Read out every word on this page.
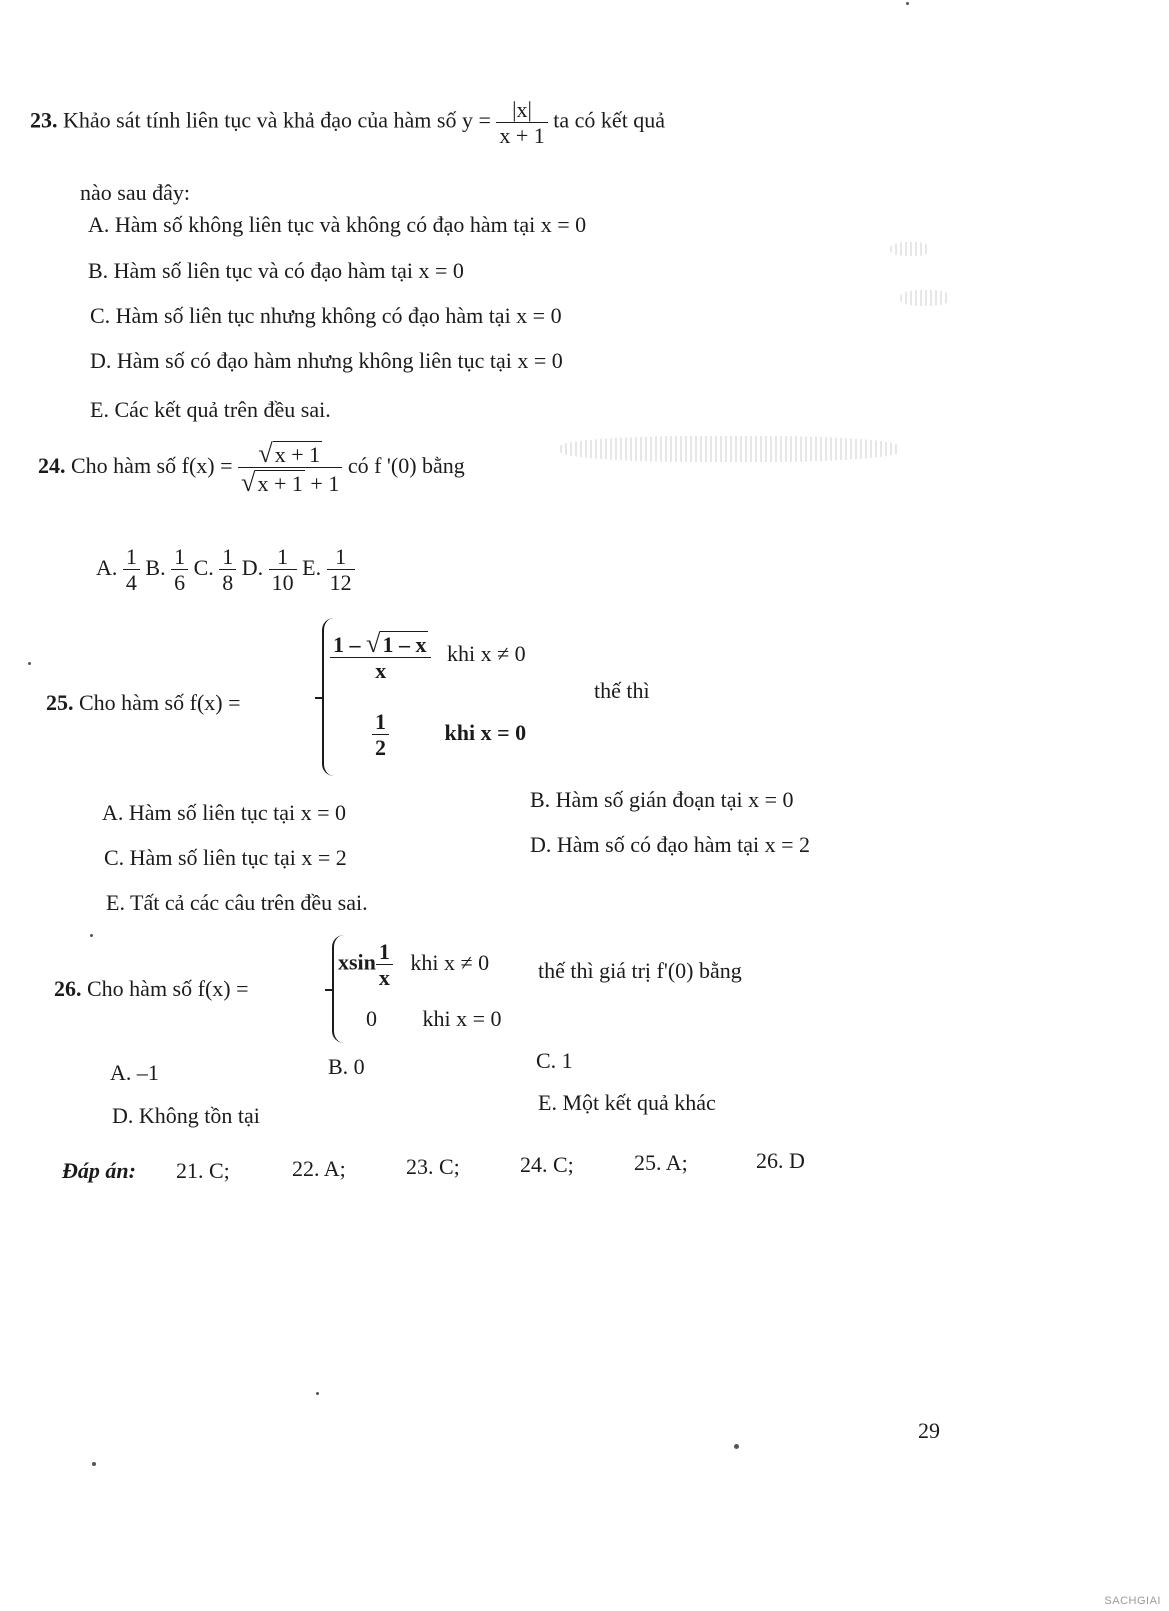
23. Khảo sát tính liên tục và khả đạo của hàm số $y = \frac{|x|}{x + 1}$ ta có kết quả
nào sau đây:
A. Hàm số không liên tục và không có đạo hàm tại x = 0
B. Hàm số liên tục và có đạo hàm tại x = 0
C. Hàm số liên tục nhưng không có đạo hàm tại x = 0
D. Hàm số có đạo hàm nhưng không liên tục tại x = 0
E. Các kết quả trên đều sai.
24. Cho hàm số $f(x) = \frac{√x + 1}{√x + 1 + 1}$ có f '(0) bằng
A. $\frac{1}{4} B$. $\frac{1}{6} C$. $\frac{1}{8} D$. $\frac{1}{10} E$. $\frac{1}{12}$
25. Cho hàm số f(x) =
$\frac{1 - √1 - x}{x}$ khi x ≠ 0
$\frac{1}{2}$	khi x = 0
thế thì
A. Hàm số liên tục tại x = 0
B. Hàm số gián đoạn tại x = 0
C. Hàm số liên tục tại x = 2
D. Hàm số có đạo hàm tại x = 2
E. Tất cả các câu trên đều sai.
26. Cho hàm số f(x) =
xsin $\frac{1}{x}$ khi x ≠ 0
0 khi x = 0
thế thì giá trị f'(0) bằng
A. –1	B. 0	C. 1
D. Không tồn tại
E. Một kết quả khác
Đáp án: 21. C;	22. A;	23. C;	24. C;	25. A;	26. D
29
SACHGIAI
